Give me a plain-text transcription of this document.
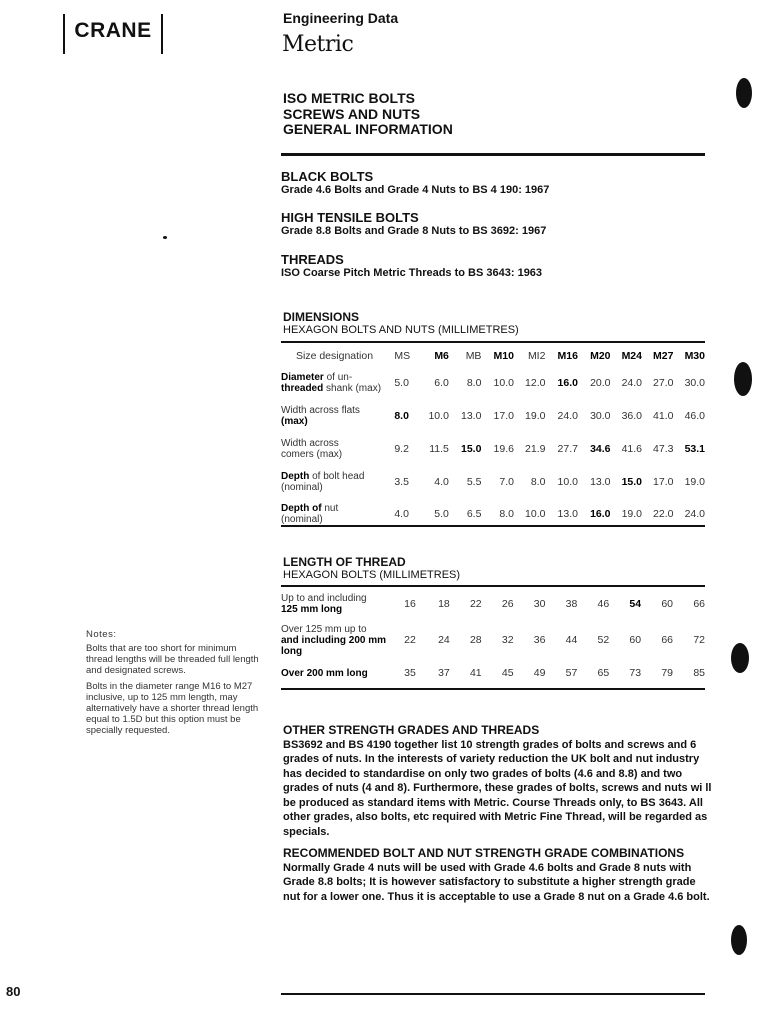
CRANE
Engineering Data
Metric
ISO METRIC BOLTS
SCREWS AND NUTS
GENERAL INFORMATION
BLACK BOLTS
Grade 4.6 Bolts and Grade 4 Nuts to BS 4 190: 1967
HIGH TENSILE BOLTS
Grade 8.8 Bolts and Grade 8 Nuts to BS 3692: 1967
THREADS
ISO Coarse Pitch Metric Threads to BS 3643: 1963
DIMENSIONS
HEXAGON BOLTS AND NUTS (MILLIMETRES)
Size designation	MS	M6	MB	M10	MI2	M16	M20	M24	M27	M30
Diameter of un-
threaded shank (max)	5.0	6.0	8.0	10.0	12.0	16.0	20.0	24.0	27.0	30.0
Width across flats
(max)	8.0	10.0	13.0	17.0	19.0	24.0	30.0	36.0	41.0	46.0
Width across
comers (max)	9.2	11.5	15.0	19.6	21.9	27.7	34.6	41.6	47.3	53.1
Depth of bolt head
(nominal)	3.5	4.0	5.5	7.0	8.0	10.0	13.0	15.0	17.0	19.0
Depth of nut
(nominal)	4.0	5.0	6.5	8.0	10.0	13.0	16.0	19.0	22.0	24.0
LENGTH OF THREAD
HEXAGON BOLTS (MILLIMETRES)
Up to and including
125 mm long	16	18	22	26	30	38	46	54	60	66
Over 125 mm up to
and including 200 mm long	22	24	28	32	36	44	52	60	66	72
Over 200 mm long	35	37	41	45	49	57	65	73	79	85
Notes:
Bolts that are too short for minimum thread lengths will be threaded full length and designated screws.
Bolts in the diameter range M16 to M27 inclusive, up to 125 mm length, may alternatively have a shorter thread length equal to 1.5D but this option must be specially requested.	OTHER STRENGTH GRADES AND THREADS
BS3692 and BS 4190 together list 10 strength grades of bolts and screws and 6 grades of nuts. In the interests of variety reduction the UK bolt and nut industry has decided to standardise on only two grades of bolts (4.6 and 8.8) and two grades of nuts (4 and 8). Furthermore, these grades of bolts, screws and nuts wi ll be produced as standard items with Metric. Course Threads only, to BS 3643. All other grades, also bolts, etc required with Metric Fine Thread, will be regarded as specials.
RECOMMENDED BOLT AND NUT STRENGTH GRADE COMBINATIONS
Normally Grade 4 nuts will be used with Grade 4.6 bolts and Grade 8 nuts with Grade 8.8 bolts; It is however satisfactory to substitute a higher strength grade nut for a lower one. Thus it is acceptable to use a Grade 8 nut on a Grade 4.6 bolt.
80
